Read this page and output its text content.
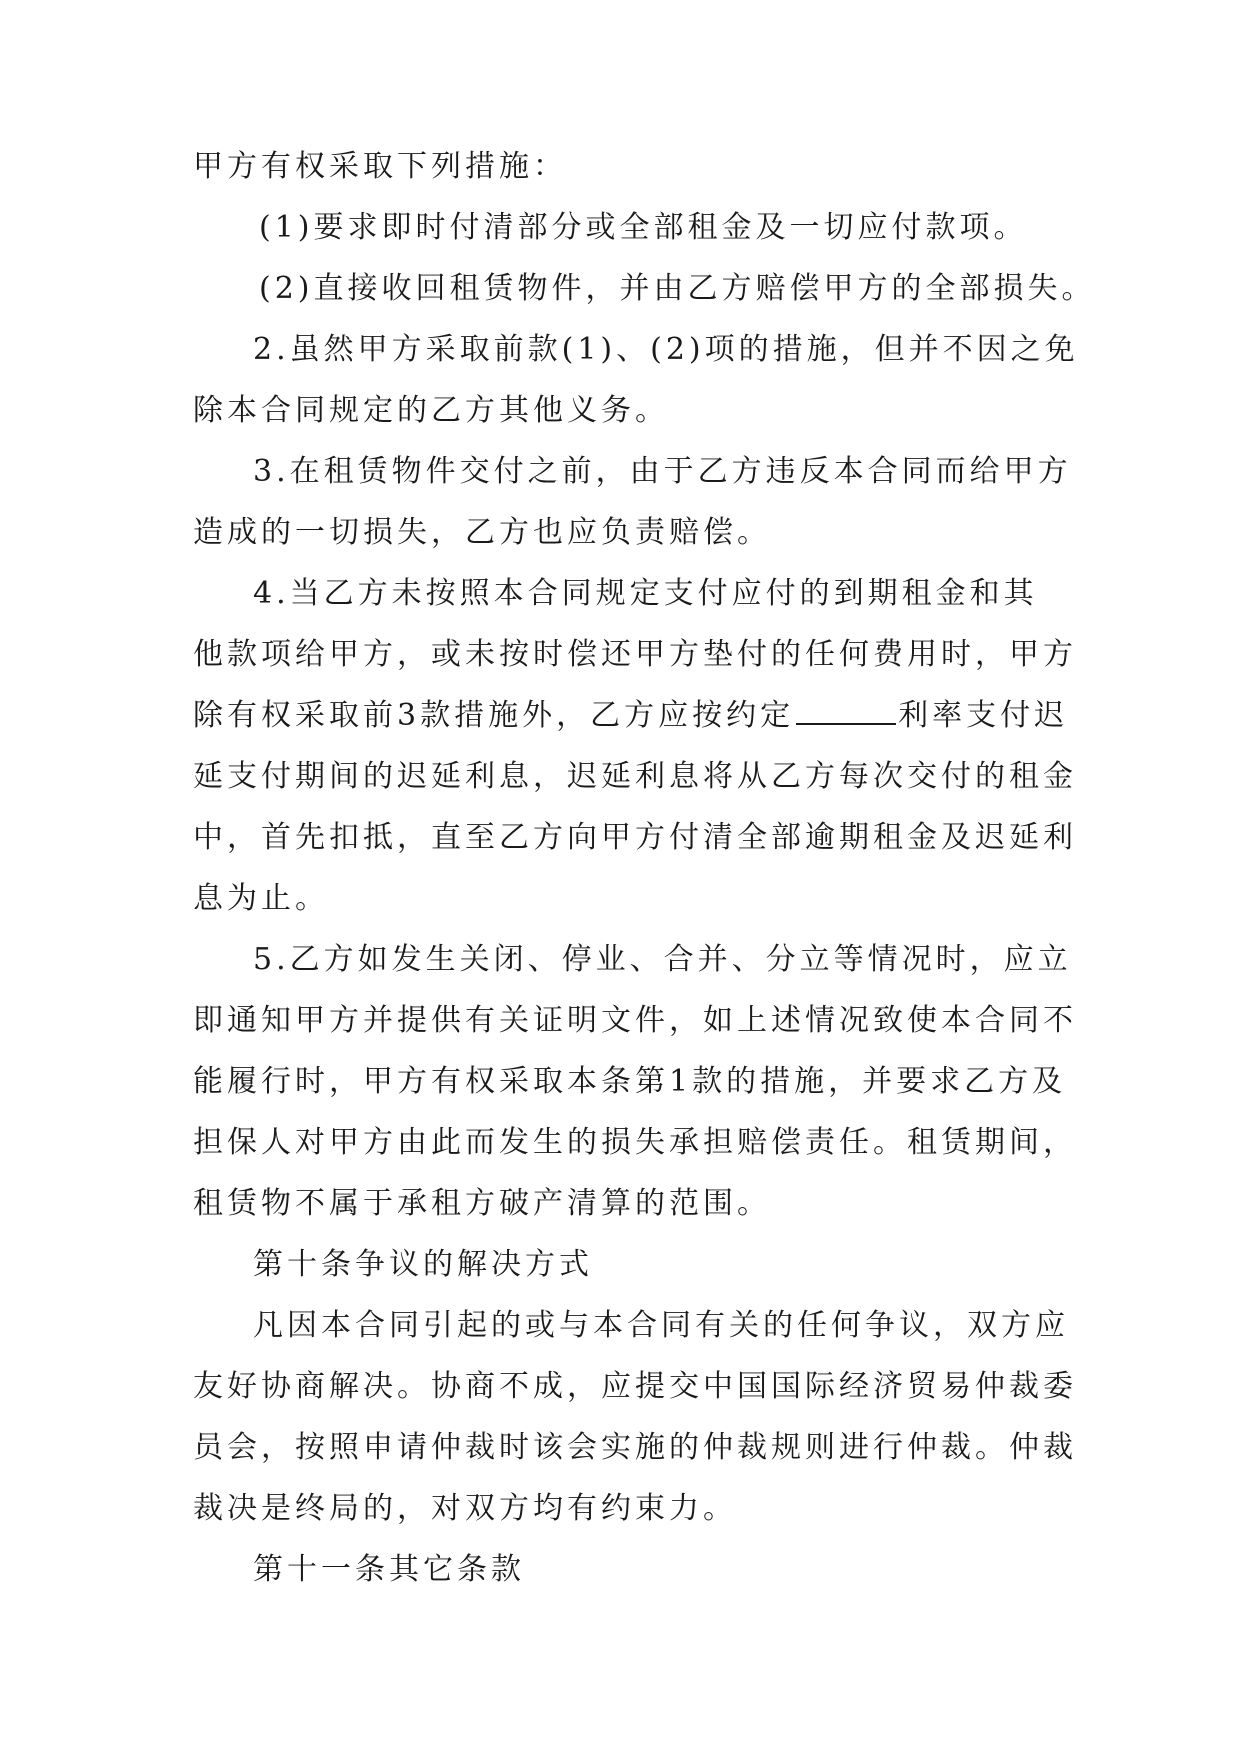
甲方有权采取下列措施：
(1)要求即时付清部分或全部租金及一切应付款项。
(2)直接收回租赁物件，并由乙方赔偿甲方的全部损失。
2.虽然甲方采取前款(1)、(2)项的措施，但并不因之免
除本合同规定的乙方其他义务。
3.在租赁物件交付之前，由于乙方违反本合同而给甲方
造成的一切损失，乙方也应负责赔偿。
4.当乙方未按照本合同规定支付应付的到期租金和其
他款项给甲方，或未按时偿还甲方垫付的任何费用时，甲方
除有权采取前3款措施外，乙方应按约定	利率支付迟
延支付期间的迟延利息，迟延利息将从乙方每次交付的租金
中，首先扣抵，直至乙方向甲方付清全部逾期租金及迟延利
息为止。
5.乙方如发生关闭、停业、合并、分立等情况时，应立
即通知甲方并提供有关证明文件，如上述情况致使本合同不
能履行时，甲方有权采取本条第1款的措施，并要求乙方及
担保人对甲方由此而发生的损失承担赔偿责任。租赁期间，
租赁物不属于承租方破产清算的范围。
第十条争议的解决方式
凡因本合同引起的或与本合同有关的任何争议，双方应
友好协商解决。协商不成，应提交中国国际经济贸易仲裁委
员会，按照申请仲裁时该会实施的仲裁规则进行仲裁。仲裁
裁决是终局的，对双方均有约束力。
第十一条其它条款
